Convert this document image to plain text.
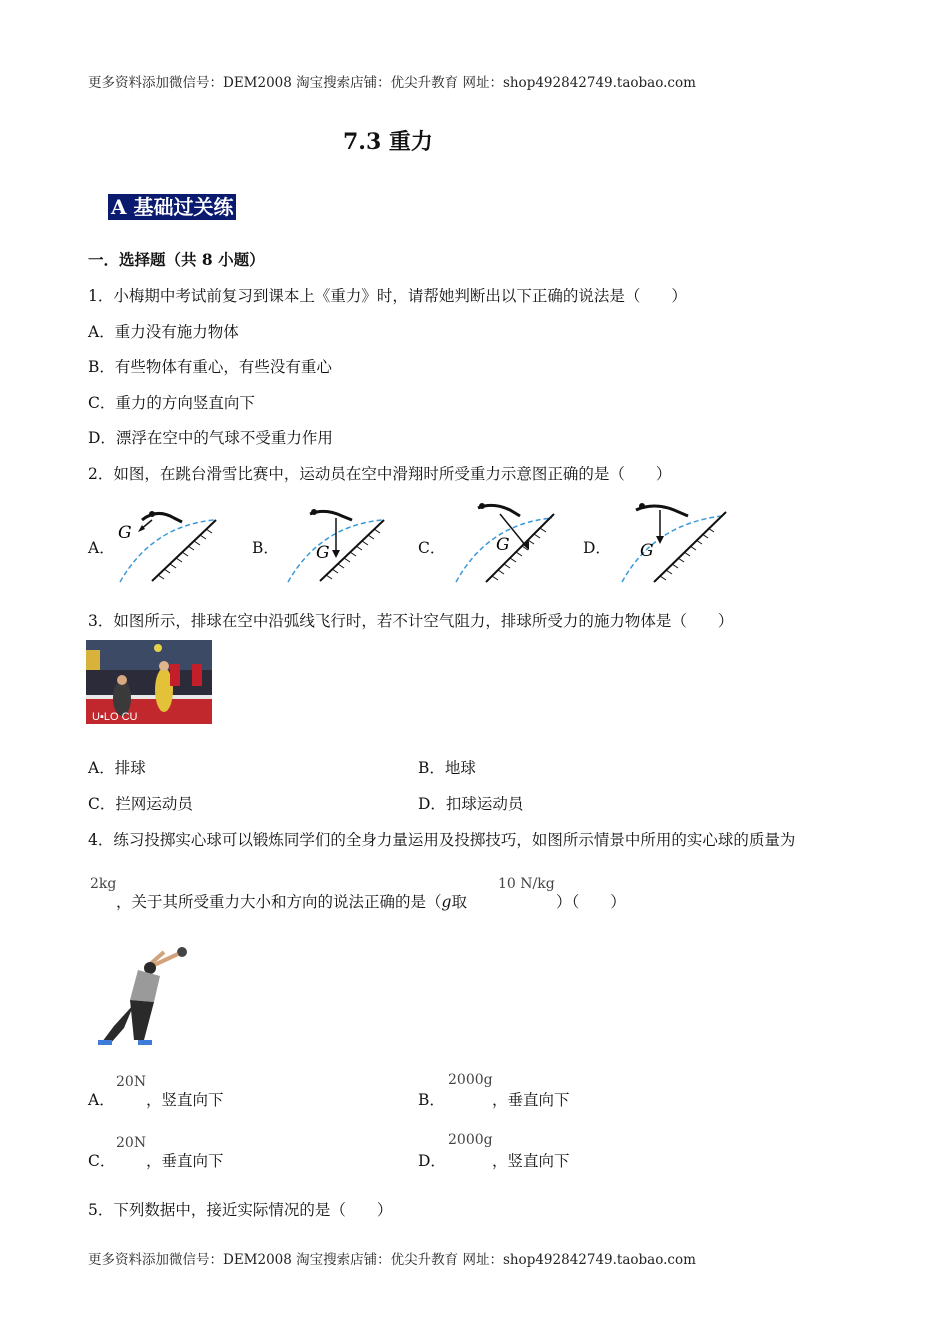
更多资料添加微信号：DEM2008 淘宝搜索店铺：优尖升教育 网址：shop492842749.taobao.com
7.3 重力
A 基础过关练
一．选择题（共 8 小题）
1．小梅期中考试前复习到课本上《重力》时，请帮她判断出以下正确的说法是（　　）
A．重力没有施力物体
B．有些物体有重心，有些没有重心
C．重力的方向竖直向下
D．漂浮在空中的气球不受重力作用
2．如图，在跳台滑雪比赛中，运动员在空中滑翔时所受重力示意图正确的是（　　）
A．
G
B． G	C．	G	D． G
3．如图所示，排球在空中沿弧线飞行时，若不计空气阻力，排球所受力的施力物体是（　　）
U▪LO CU
A．排球	B．地球
C．拦网运动员	D．扣球运动员
4．练习投掷实心球可以锻炼同学们的全身力量运用及投掷技巧，如图所示情景中所用的实心球的质量为
2kg
，关于其所受重力大小和方向的说法正确的是（g取
10 N/kg
）（　　）
A．
20N
，竖直向下	B．
2000g
，垂直向下
C．
20N
，垂直向下	D．
2000g
，竖直向下
5．下列数据中，接近实际情况的是（　　）
更多资料添加微信号：DEM2008 淘宝搜索店铺：优尖升教育 网址：shop492842749.taobao.com
